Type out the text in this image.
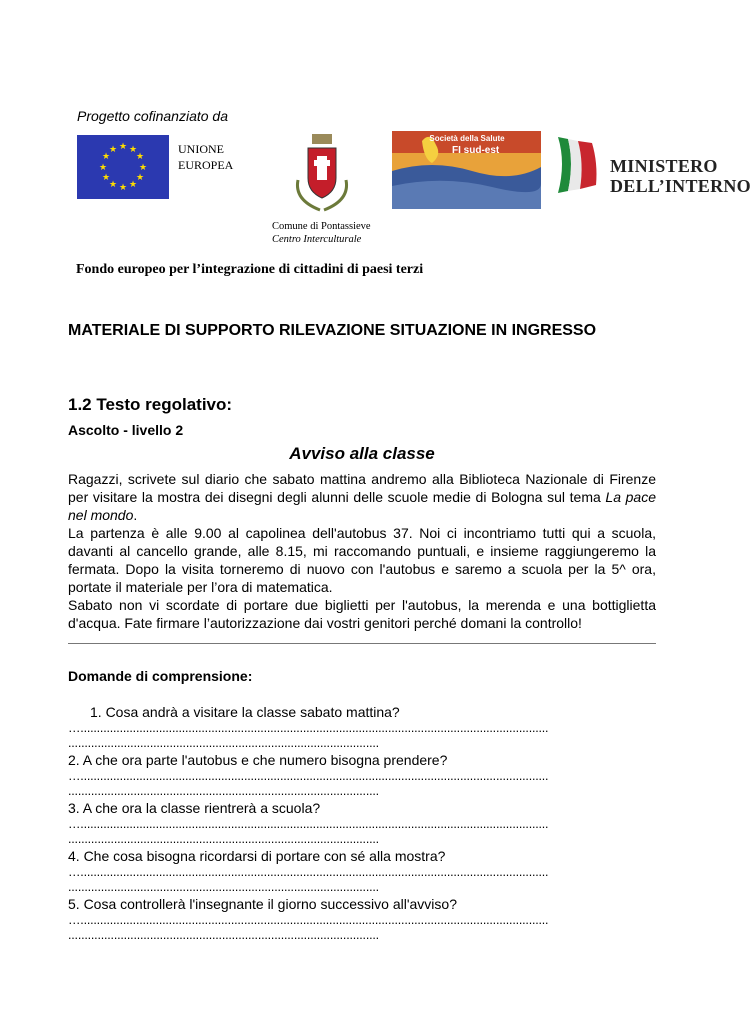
Progetto cofinanziato da
★ ★
★
★
★
★
★
★
★
★
★
★	UNIONE
EUROPEA
Comune di Pontassieve
Centro Interculturale
Società della Salute
FI sud-est
MINISTERO
DELL’INTERNO
Fondo europeo per l’integrazione di cittadini di paesi terzi
MATERIALE DI SUPPORTO RILEVAZIONE SITUAZIONE IN INGRESSO
1.2 Testo regolativo:
Ascolto - livello 2
Avviso alla classe

Ragazzi, scrivete sul diario che sabato mattina andremo alla Biblioteca Nazionale di Firenze per visitare la mostra dei disegni degli alunni delle scuole medie di Bologna sul tema La pace nel mondo.

La partenza è alle 9.00 al capolinea dell'autobus 37. Noi ci incontriamo tutti qui a scuola, davanti al cancello grande, alle 8.15, mi raccomando puntuali, e insieme raggiungeremo la fermata. Dopo la visita torneremo di nuovo con l'autobus e saremo a scuola per la 5^ ora, portate il materiale per l’ora di matematica.

Sabato non vi scordate di portare due biglietti per l'autobus, la merenda e una bottiglietta d'acqua. Fate firmare l’autorizzazione dai vostri genitori perché domani la controllo!

Domande di comprensione:
1. Cosa andrà a visitare la classe sabato mattina?
…...............................................................................................................................................
...............................................................................................
2. A che ora parte l'autobus e che numero bisogna prendere?
…...............................................................................................................................................
...............................................................................................
3. A che ora la classe rientrerà a scuola?
…...............................................................................................................................................
...............................................................................................
4. Che cosa bisogna ricordarsi di portare con sé alla mostra?
…...............................................................................................................................................
...............................................................................................
5. Cosa controllerà l'insegnante il giorno successivo all'avviso?
…...............................................................................................................................................
...............................................................................................
